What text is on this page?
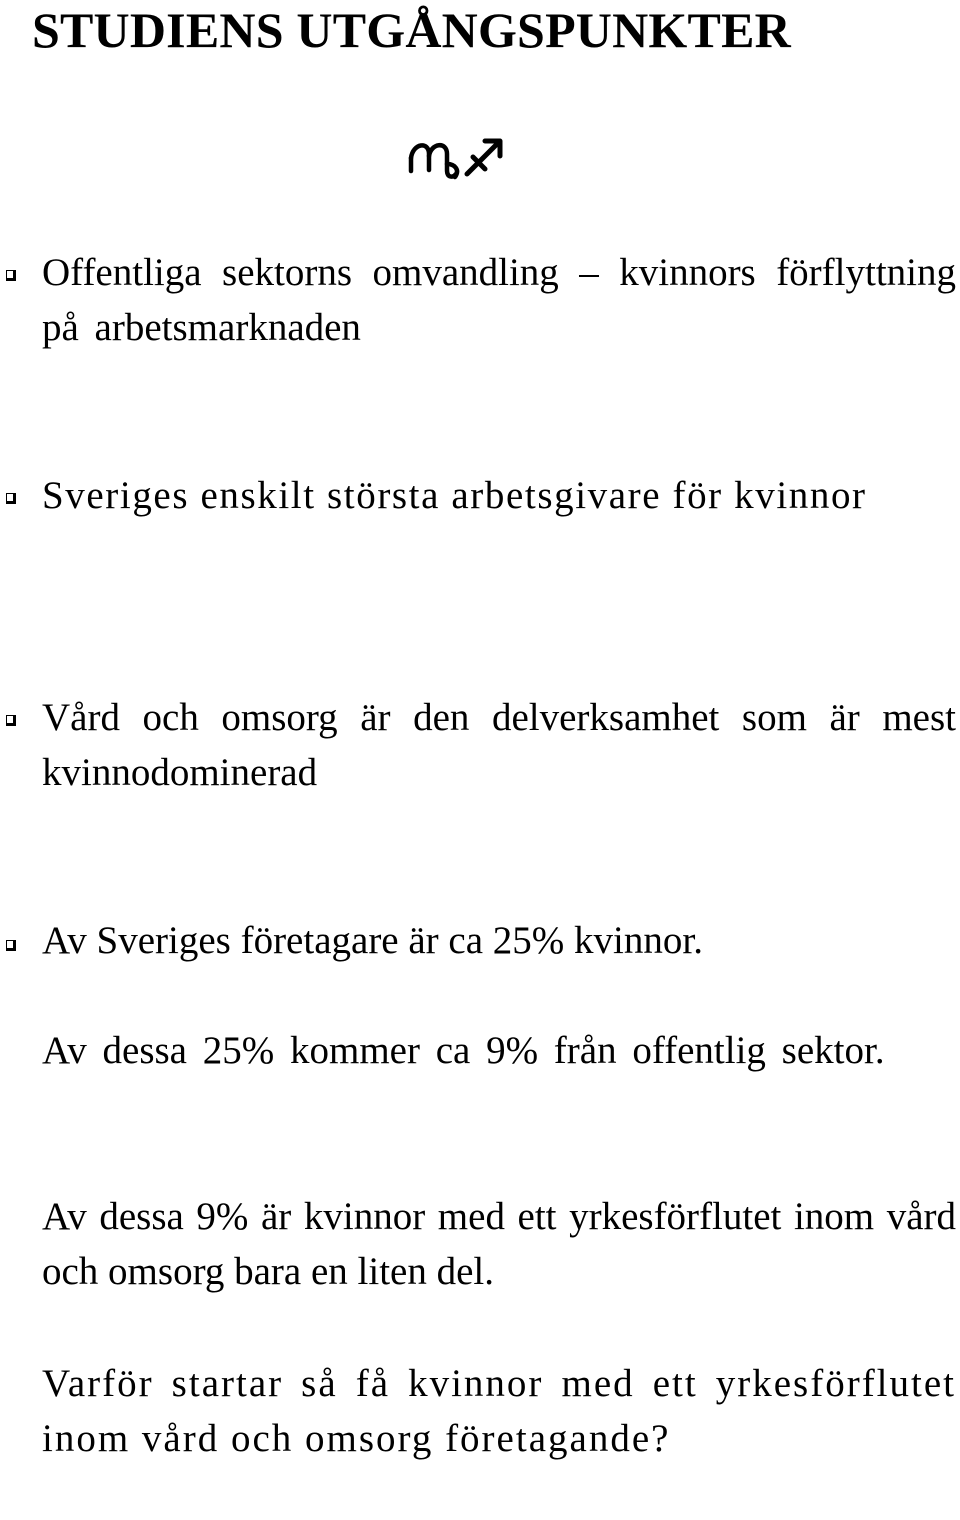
STUDIENS UTGÅNGSPUNKTER

Offentliga sektorns omvandling – kvinnors förflyttning på arbetsmarknaden

Sveriges enskilt största arbetsgivare för kvinnor

Vård och omsorg är den delverksamhet som är mest kvinnodominerad

Av Sveriges företagare är ca 25% kvinnor.

Av dessa 25% kommer ca 9% från offentlig sektor.

Av dessa 9% är kvinnor med ett yrkesförflutet inom vård och omsorg bara en liten del.

Varför startar så få kvinnor med ett yrkesförflutet inom vård och omsorg företagande?
